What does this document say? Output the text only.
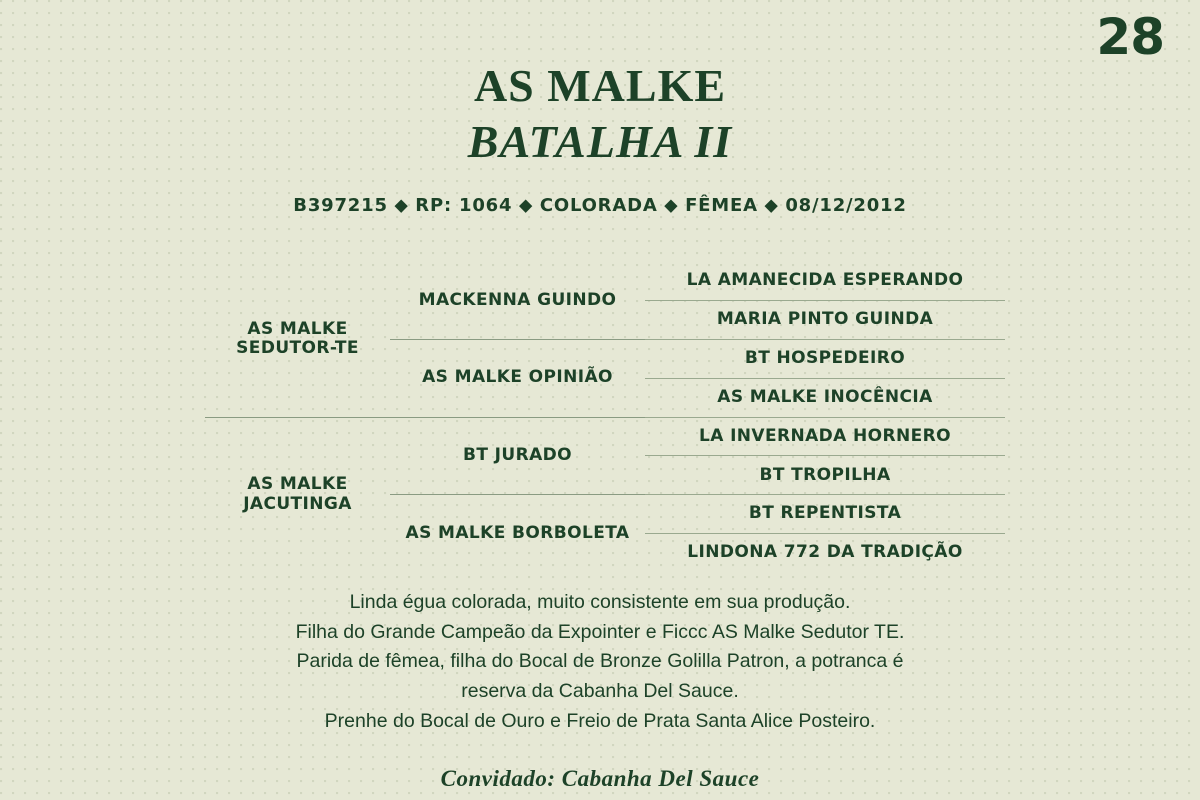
28
AS MALKE
BATALHA II
B397215 ⬥ RP: 1064 ⬥ COLORADA ⬥ FÊMEA ⬥ 08/12/2012
AS MALKE SEDUTOR-TE
AS MALKE JACUTINGA
MACKENNA GUINDO
AS MALKE OPINIÃO
BT JURADO
AS MALKE BORBOLETA
LA AMANECIDA ESPERANDO
MARIA PINTO GUINDA
BT HOSPEDEIRO
AS MALKE INOCÊNCIA
LA INVERNADA HORNERO
BT TROPILHA
BT REPENTISTA
LINDONA 772 DA TRADIÇÃO
Linda égua colorada, muito consistente em sua produção.
Filha do Grande Campeão da Expointer e Ficcc AS Malke Sedutor TE.
Parida de fêmea, filha do Bocal de Bronze Golilla Patron, a potranca é
reserva da Cabanha Del Sauce.
Prenhe do Bocal de Ouro e Freio de Prata Santa Alice Posteiro.
Convidado: Cabanha Del Sauce
